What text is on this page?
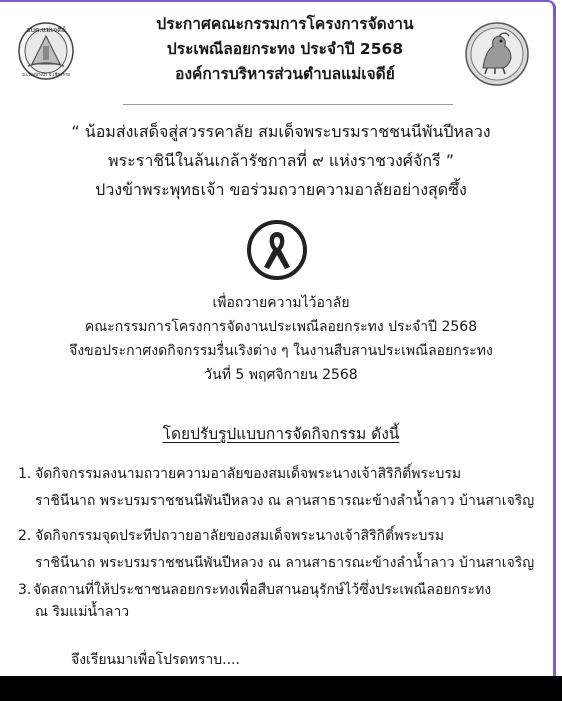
อบต.แม่เจดีย์
อ.เวียงป่าเป้า จ.เชียงราย
ประกาศคณะกรรมการโครงการจัดงาน
ประเพณีลอยกระทง ประจำปี 2568
องค์การบริหารส่วนตำบลแม่เจดีย์
“ น้อมส่งเสด็จสู่สวรรคาลัย สมเด็จพระบรมราชชนนีพันปีหลวง
พระราชินีในล้นเกล้ารัชกาลที่ ๙ แห่งราชวงศ์จักรี ”
ปวงข้าพระพุทธเจ้า ขอร่วมถวายความอาลัยอย่างสุดซึ้ง
เพื่อถวายความไว้อาลัย
คณะกรรมการโครงการจัดงานประเพณีลอยกระทง ประจำปี 2568
จึงขอประกาศงดกิจกรรมรื่นเริงต่าง ๆ ในงานสืบสานประเพณีลอยกระทง
วันที่ 5 พฤศจิกายน 2568
โดยปรับรูปแบบการจัดกิจกรรม ดังนี้
1. จัดกิจกรรมลงนามถวายความอาลัยของสมเด็จพระนางเจ้าสิริกิติ์พระบรม
ราชินีนาถ พระบรมราชชนนีพันปีหลวง ณ ลานสาธารณะข้างลำน้ำลาว บ้านสาเจริญ
2. จัดกิจกรรมจุดประทีปถวายอาลัยของสมเด็จพระนางเจ้าสิริกิติ์พระบรม
ราชินีนาถ พระบรมราชชนนีพันปีหลวง ณ ลานสาธารณะข้างลำน้ำลาว บ้านสาเจริญ
3. จัดสถานที่ให้ประชาชนลอยกระทงเพื่อสืบสานอนุรักษ์ไว้ซึ่งประเพณีลอยกระทง
ณ ริมแม่น้ำลาว
จึงเรียนมาเพื่อโปรดทราบ....
